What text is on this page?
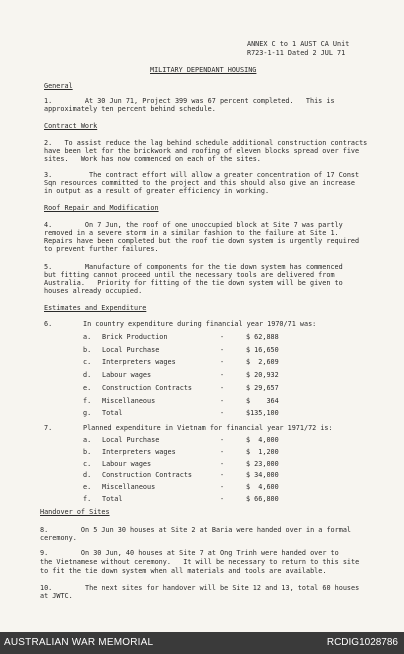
ANNEX C to 1 AUST CA Unit
R723-1-11 Dated 2 JUL 71
MILITARY DEPENDANT HOUSING
General
1.        At 30 Jun 71, Project 399 was 67 percent completed.   This is
approximately ten percent behind schedule.
Contract Work
2.   To assist reduce the lag behind schedule additional construction contracts
have been let for the brickwork and roofing of eleven blocks spread over five
sites.   Work has now commenced on each of the sites.
3.         The contract effort will allow a greater concentration of 17 Const
Sqn resources committed to the project and this should also give an increase
in output as a result of greater efficiency in working.
Roof Repair and Modification
4.        On 7 Jun, the roof of one unoccupied block at Site 7 was partly
removed in a severe storm in a similar fashion to the failure at Site 1.
Repairs have been completed but the roof tie down system is urgently required
to prevent further failures.
5.        Manufacture of components for the tie down system has commenced
but fitting cannot proceed until the necessary tools are delivered from
Australia.   Priority for fitting of the tie down system will be given to
houses already occupied.
Estimates and Expenditure
6.	In country expenditure during financial year 1970/71 was:
a. Brick Production	-	$ 62,888
b. Local Purchase	-	$ 16,650
c. Interpreters wages	-	$  2,609
d. Labour wages	-	$ 20,932
e. Construction Contracts	-	$ 29,657
f. Miscellaneous	-	$    364
g. Total	-	$135,100
7.	Planned expenditure in Vietnam for financial year 1971/72 is:
a. Local Purchase	-	$  4,000
b. Interpreters wages	-	$  1,200
c. Labour wages	-	$ 23,000
d. Construction Contracts	-	$ 34,000
e. Miscellaneous	-	$  4,600
f. Total	-	$ 66,800
Handover of Sites
8.        On 5 Jun 30 houses at Site 2 at Baria were handed over in a formal
ceremony.
9.        On 30 Jun, 40 houses at Site 7 at Ong Trinh were handed over to
the Vietnamese without ceremony.   It will be necessary to return to this site
to fit the tie down system when all materials and tools are available.
10.        The next sites for handover will be Site 12 and 13, total 60 houses
at JWTC.
AUSTRALIAN WAR MEMORIAL	RCDIG1028786
